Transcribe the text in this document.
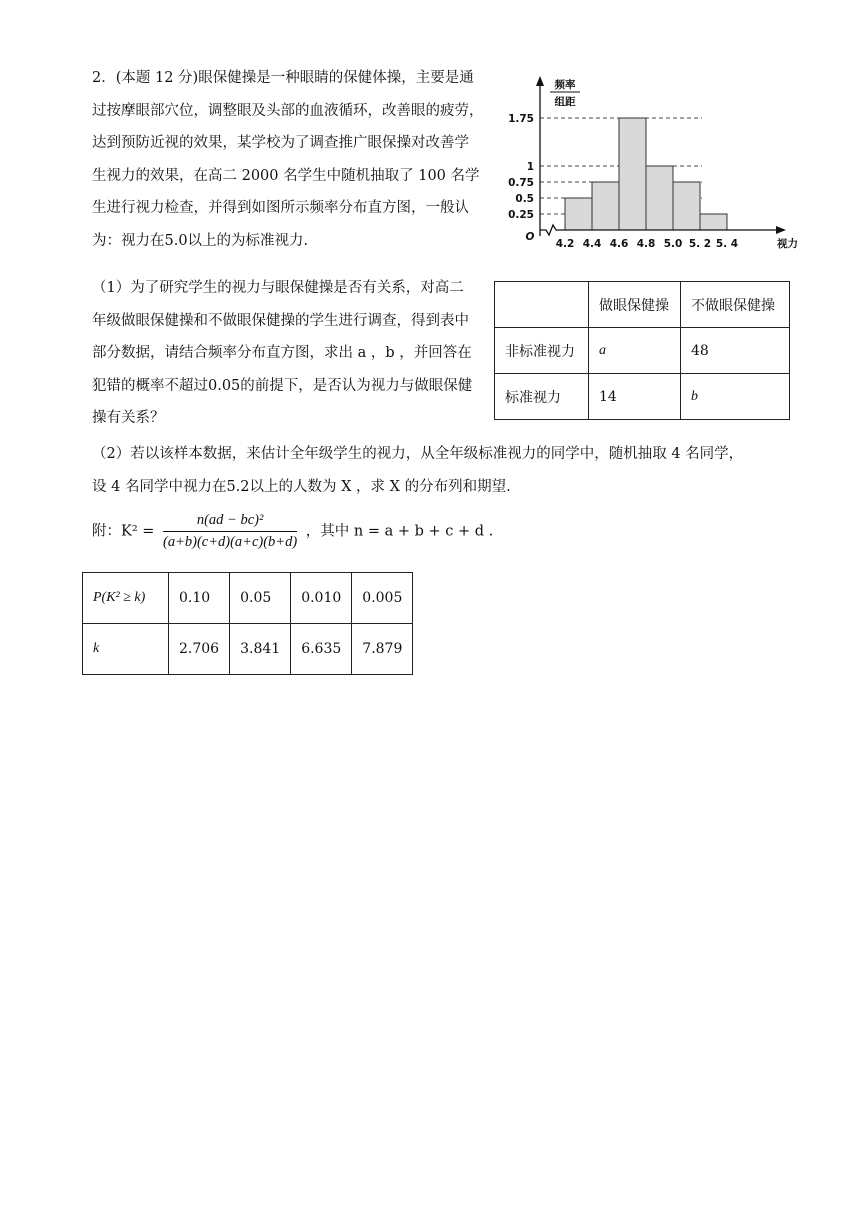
2．(本题 12 分)眼保健操是一种眼睛的保健体操，主要是通

过按摩眼部穴位，调整眼及头部的血液循环，改善眼的疲劳，

达到预防近视的效果，某学校为了调查推广眼保操对改善学

生视力的效果，在高二 2000 名学生中随机抽取了 100 名学

生进行视力检查，并得到如图所示频率分布直方图，一般认

为：视力在5.0以上的为标准视力.

0.25
0.5
0.75
1
1.75
4.2 4.4 4.6 4.8 5.0 5. 2 5. 4
O
频率
组距
视力

（1）为了研究学生的视力与眼保健操是否有关系，对高二

年级做眼保健操和不做眼保健操的学生进行调查，得到表中

部分数据，请结合频率分布直方图，求出 a ，b ，并回答在

犯错的概率不超过0.05的前提下，是否认为视力与做眼保健

操有关系？

	做眼保健操	不做眼保健操
非标准视力	a	48
标准视力	14	b

（2）若以该样本数据，来估计全年级学生的视力，从全年级标准视力的同学中，随机抽取 4 名同学，

设 4 名同学中视力在5.2以上的人数为 X ，求 X 的分布列和期望.

附：$K^2 = \frac{\text{n(ad − bc)²}}{(a+b)(c+d)(a+c)(b+d)}$ ，其中 n = a + b + c + d .
P(K² ≥ k)	0.10	0.05	0.010	0.005
k	2.706	3.841	6.635	7.879
